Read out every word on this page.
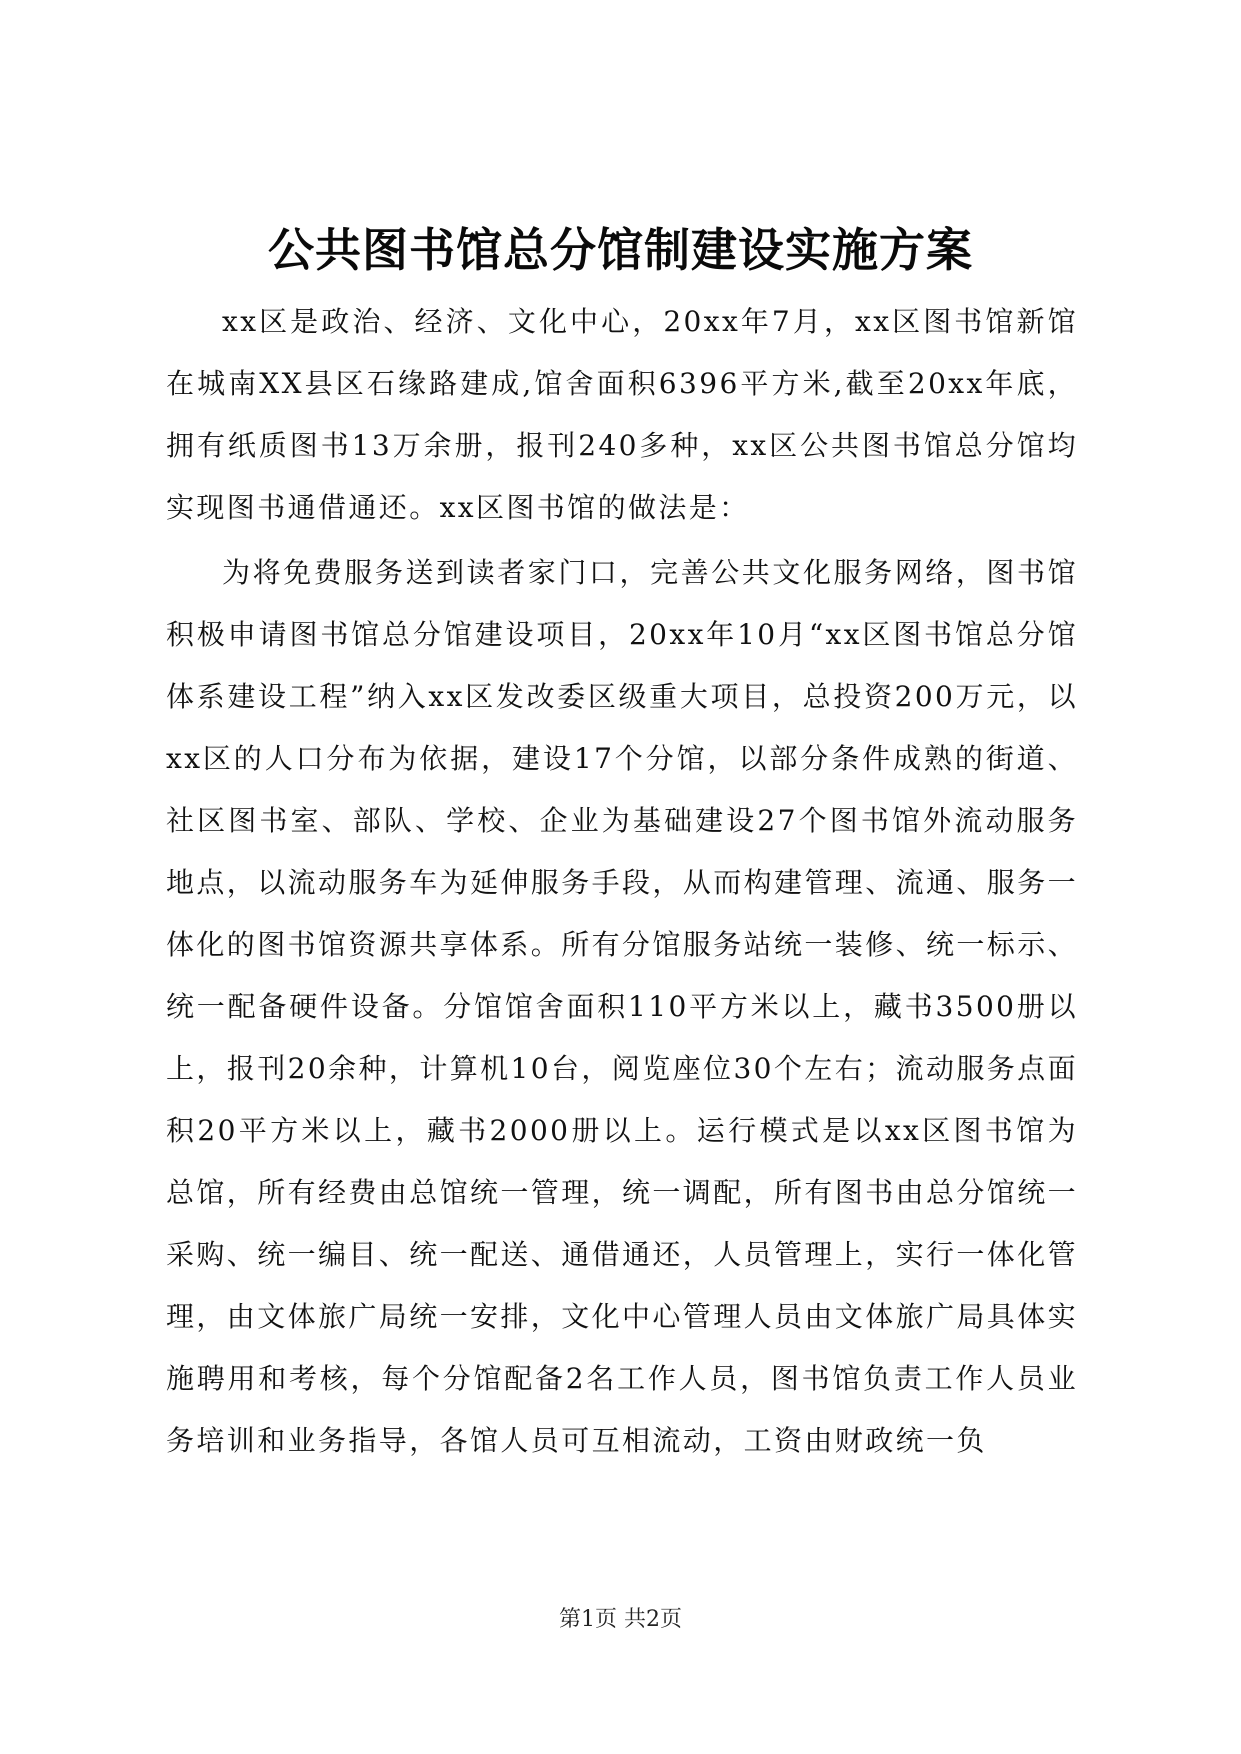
公共图书馆总分馆制建设实施方案

xx区是政治、经济、文化中心，20xx年7月，xx区图书馆新馆在城南XX县区石缘路建成,馆舍面积6396平方米,截至20xx年底，拥有纸质图书13万余册，报刊240多种，xx区公共图书馆总分馆均实现图书通借通还。xx区图书馆的做法是：

为将免费服务送到读者家门口，完善公共文化服务网络，图书馆积极申请图书馆总分馆建设项目，20xx年10月“xx区图书馆总分馆体系建设工程”纳入xx区发改委区级重大项目，总投资200万元，以xx区的人口分布为依据，建设17个分馆，以部分条件成熟的街道、社区图书室、部队、学校、企业为基础建设27个图书馆外流动服务地点，以流动服务车为延伸服务手段，从而构建管理、流通、服务一体化的图书馆资源共享体系。所有分馆服务站统一装修、统一标示、统一配备硬件设备。分馆馆舍面积110平方米以上，藏书3500册以上，报刊20余种，计算机10台，阅览座位30个左右；流动服务点面积20平方米以上，藏书2000册以上。运行模式是以xx区图书馆为总馆，所有经费由总馆统一管理，统一调配，所有图书由总分馆统一采购、统一编目、统一配送、通借通还，人员管理上，实行一体化管理，由文体旅广局统一安排，文化中心管理人员由文体旅广局具体实施聘用和考核，每个分馆配备2名工作人员，图书馆负责工作人员业务培训和业务指导，各馆人员可互相流动，工资由财政统一负

第1页 共2页
